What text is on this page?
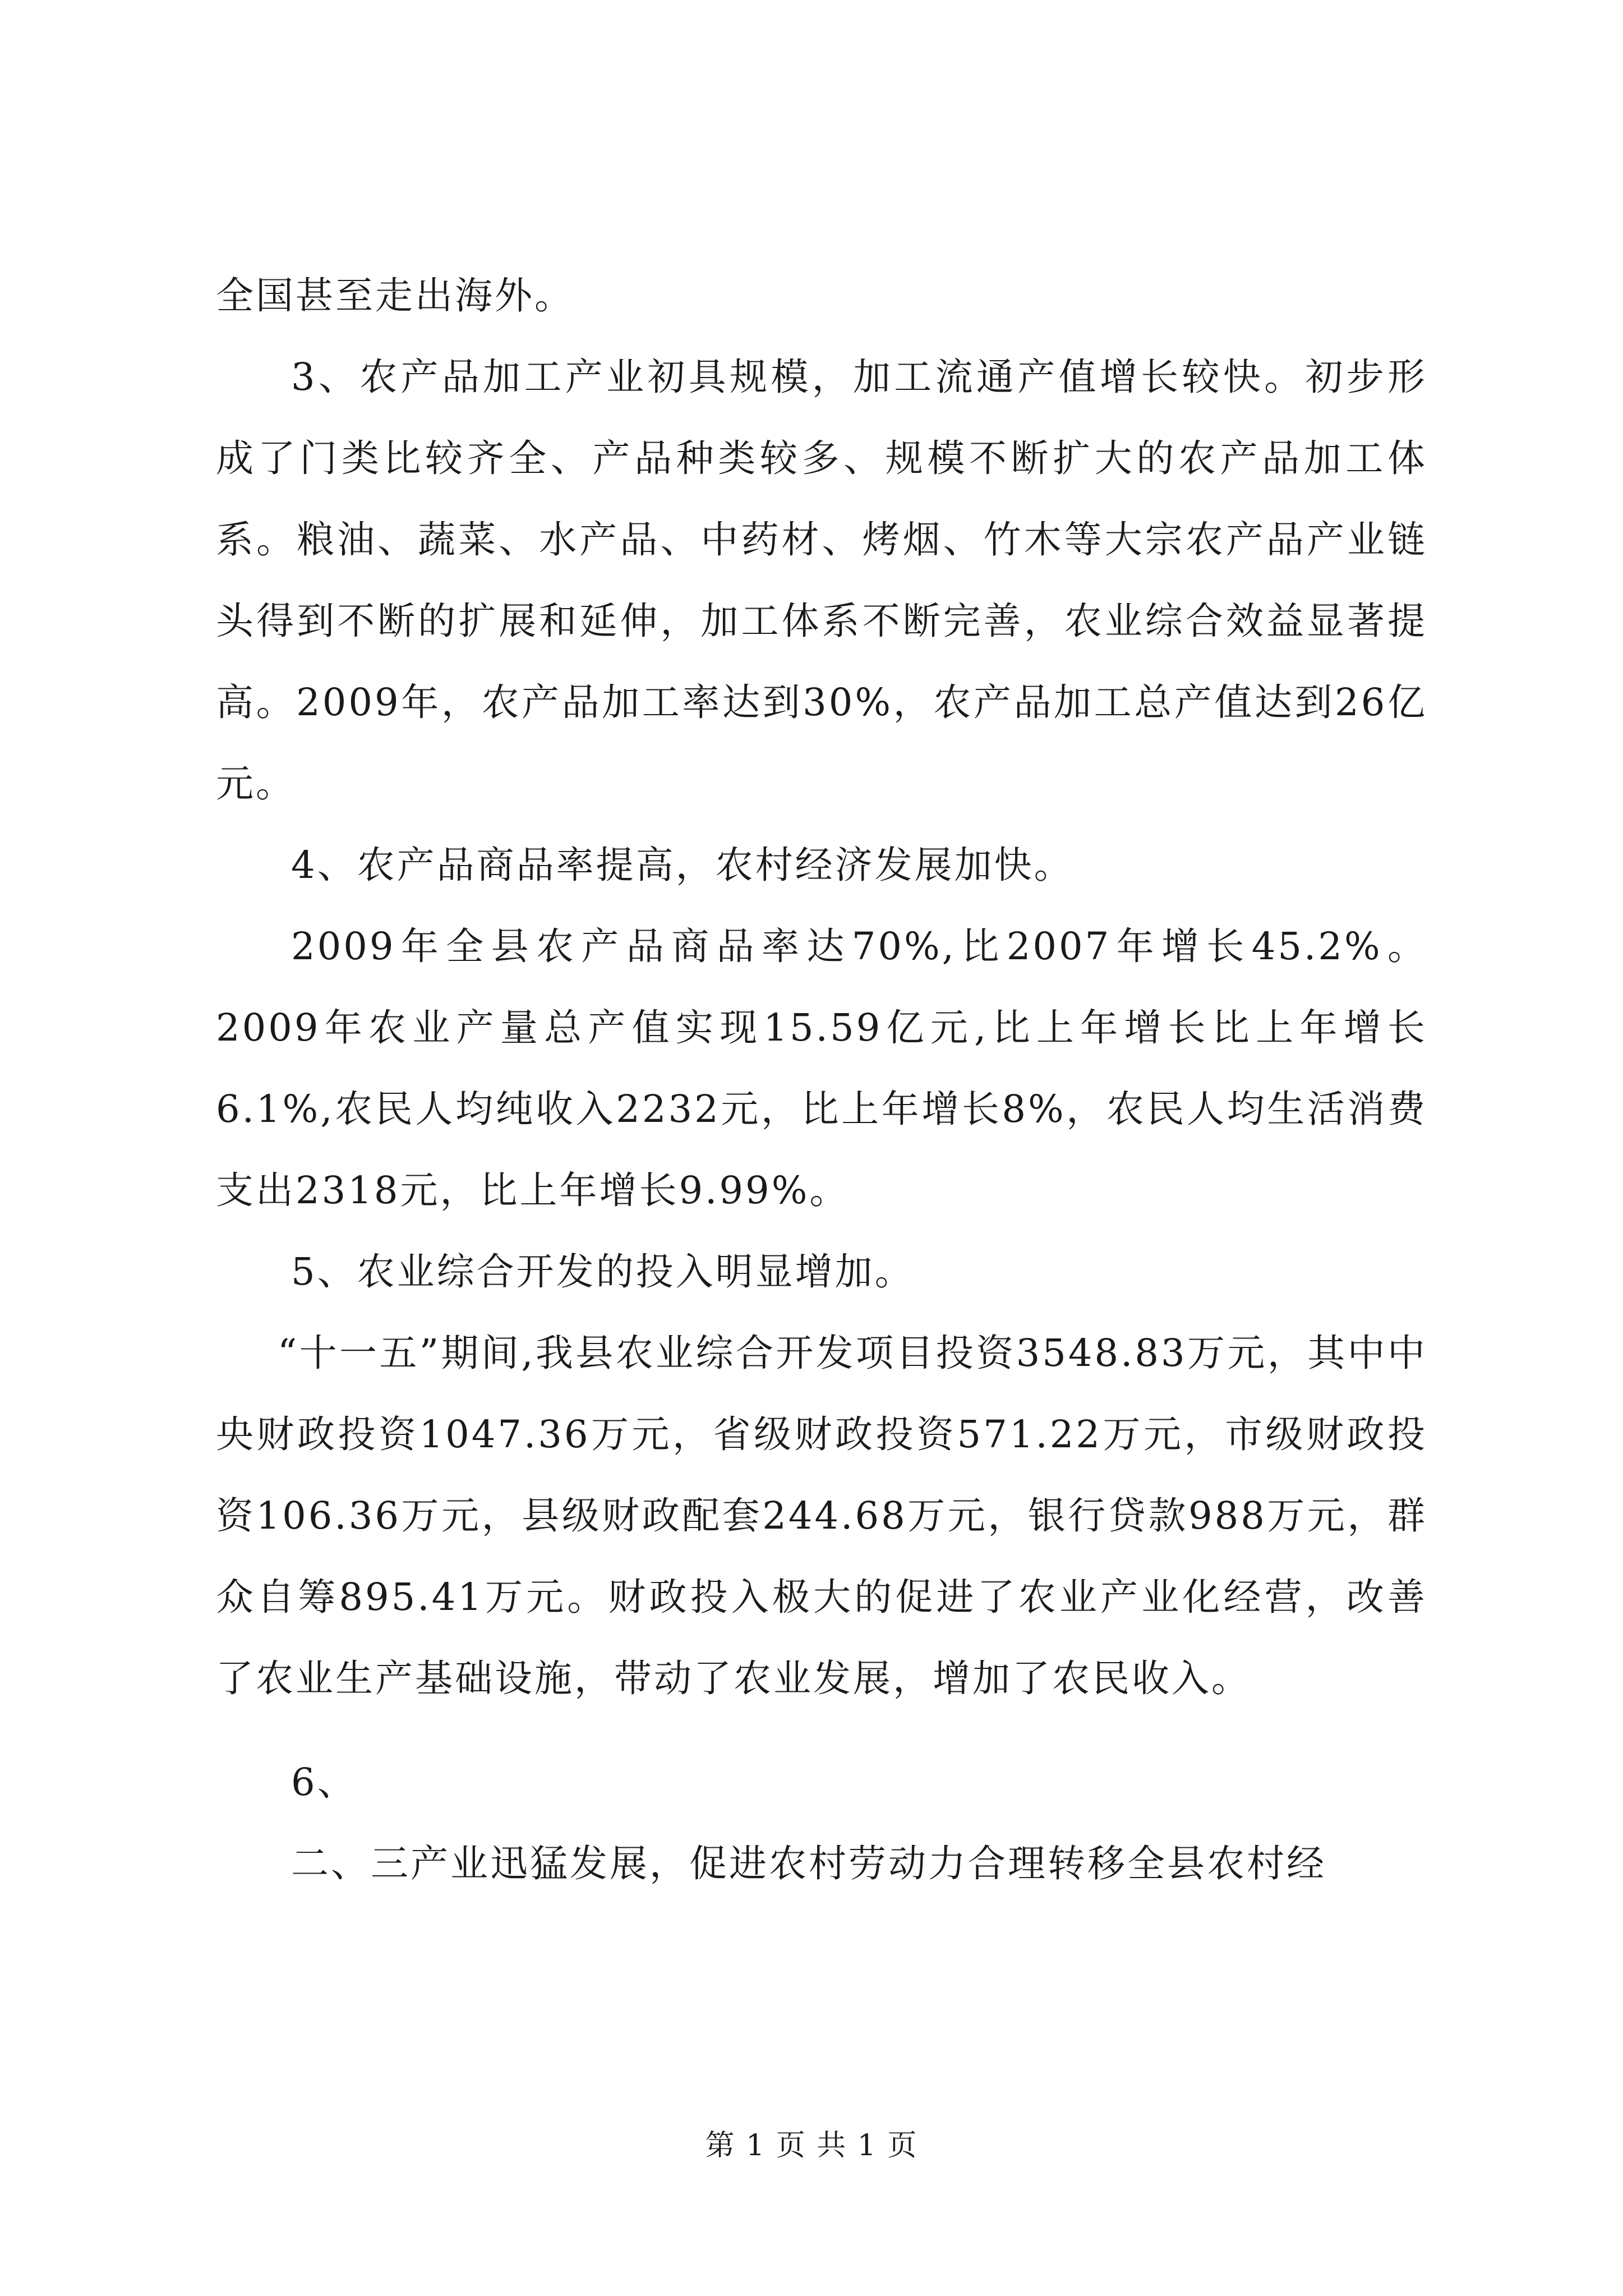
全国甚至走出海外。

3、农产品加工产业初具规模，加工流通产值增长较快。初步形成了门类比较齐全、产品种类较多、规模不断扩大的农产品加工体系。粮油、蔬菜、水产品、中药材、烤烟、竹木等大宗农产品产业链头得到不断的扩展和延伸，加工体系不断完善，农业综合效益显著提高。2009年，农产品加工率达到30%，农产品加工总产值达到26亿元。

4、农产品商品率提高，农村经济发展加快。

2009年全县农产品商品率达70%,比2007年增长45.2%。2009年农业产量总产值实现15.59亿元,比上年增长比上年增长6.1%,农民人均纯收入2232元，比上年增长8%，农民人均生活消费支出2318元，比上年增长9.99%。

5、农业综合开发的投入明显增加。

“十一五”期间,我县农业综合开发项目投资3548.83万元，其中中央财政投资1047.36万元，省级财政投资571.22万元，市级财政投资106.36万元，县级财政配套244.68万元，银行贷款988万元，群众自筹895.41万元。财政投入极大的促进了农业产业化经营，改善了农业生产基础设施，带动了农业发展，增加了农民收入。

6、

二、三产业迅猛发展，促进农村劳动力合理转移全县农村经

第 1 页 共 1 页
